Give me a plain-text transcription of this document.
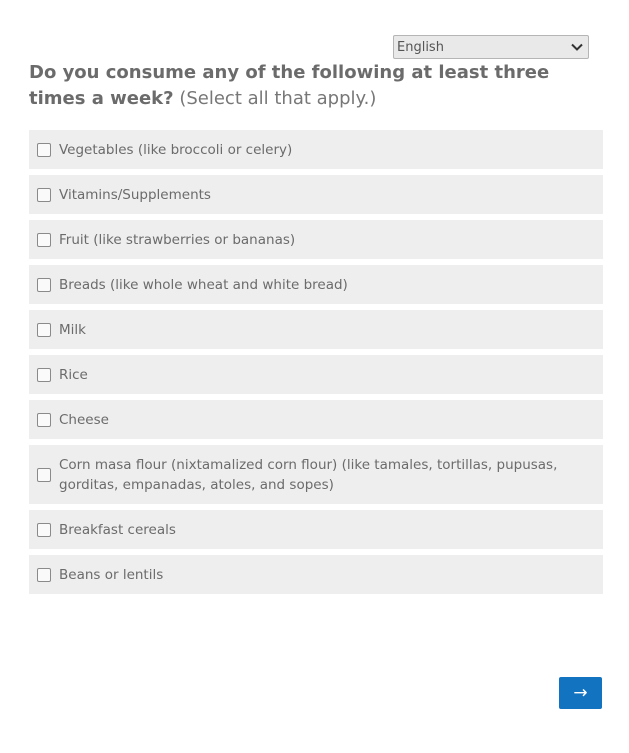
English
Do you consume any of the following at least three times a week? (Select all that apply.)
Vegetables (like broccoli or celery)
Vitamins/Supplements
Fruit (like strawberries or bananas)
Breads (like whole wheat and white bread)
Milk
Rice
Cheese
Corn masa flour (nixtamalized corn flour) (like tamales, tortillas, pupusas, gorditas, empanadas, atoles, and sopes)
Breakfast cereals
Beans or lentils
→
